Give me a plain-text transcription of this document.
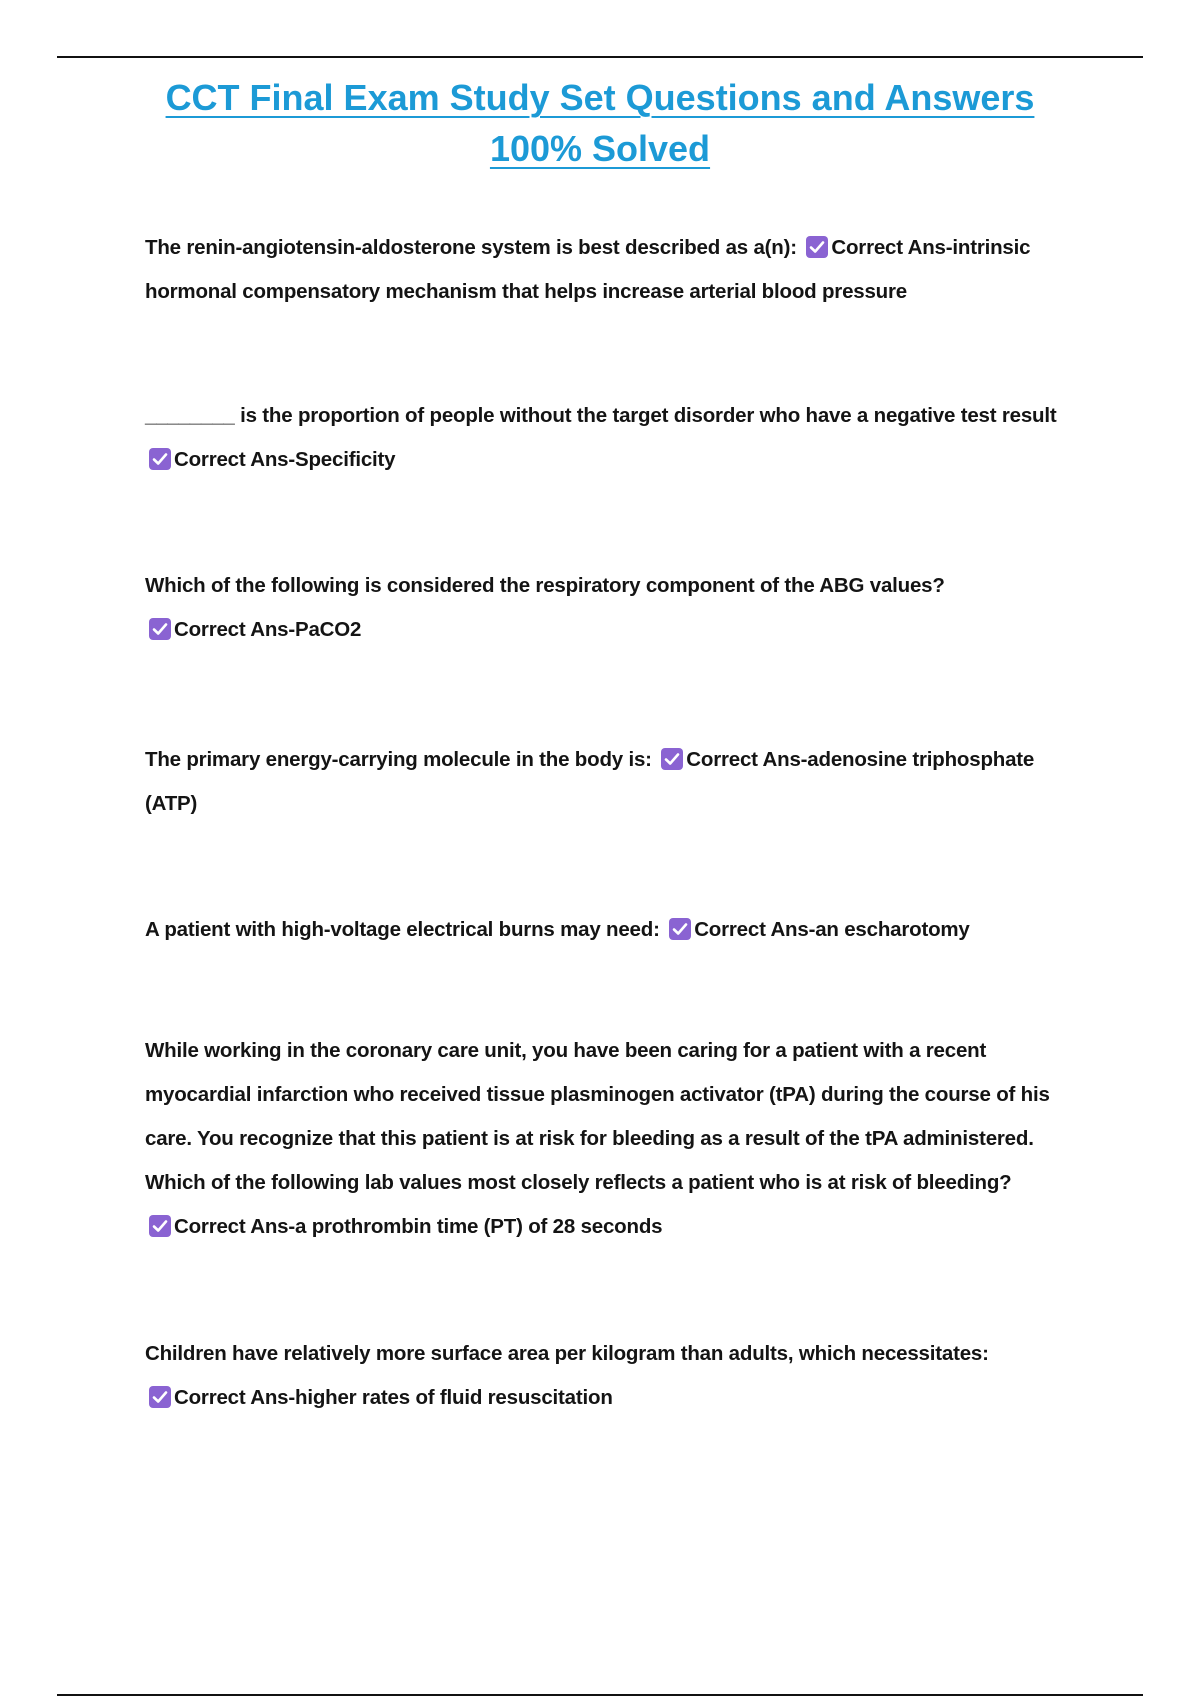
CCT Final Exam Study Set Questions and Answers 100% Solved
The renin-angiotensin-aldosterone system is best described as a(n): Correct Ans-intrinsic hormonal compensatory mechanism that helps increase arterial blood pressure
________ is the proportion of people without the target disorder who have a negative test result
Correct Ans-Specificity
Which of the following is considered the respiratory component of the ABG values?

Correct Ans-PaCO2
The primary energy-carrying molecule in the body is: Correct Ans-adenosine triphosphate (ATP)
A patient with high-voltage electrical burns may need: Correct Ans-an escharotomy
While working in the coronary care unit, you have been caring for a patient with a recent myocardial infarction who received tissue plasminogen activator (tPA) during the course of his care. You recognize that this patient is at risk for bleeding as a result of the tPA administered. Which of the following lab values most closely reflects a patient who is at risk of bleeding?

Correct Ans-a prothrombin time (PT) of 28 seconds
Children have relatively more surface area per kilogram than adults, which necessitates:

Correct Ans-higher rates of fluid resuscitation
